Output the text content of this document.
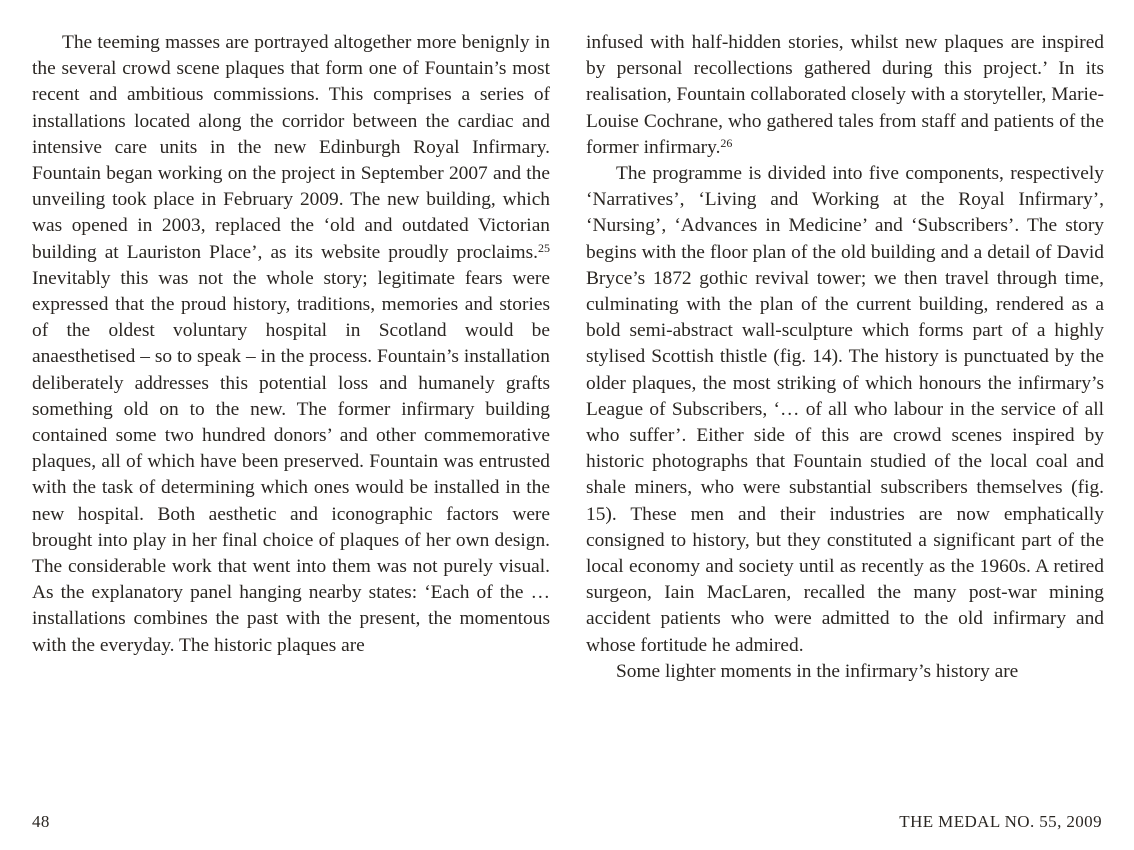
The teeming masses are portrayed altogether more benignly in the several crowd scene plaques that form one of Fountain’s most recent and ambitious commissions. This comprises a series of installations located along the corridor between the cardiac and intensive care units in the new Edinburgh Royal Infirmary. Fountain began working on the project in September 2007 and the unveiling took place in February 2009. The new building, which was opened in 2003, replaced the ‘old and outdated Victorian building at Lauriston Place’, as its website proudly proclaims.$^{25}$ Inevitably this was not the whole story; legitimate fears were expressed that the proud history, traditions, memories and stories of the oldest voluntary hospital in Scotland would be anaesthetised – so to speak – in the process. Fountain’s installation deliberately addresses this potential loss and humanely grafts something old on to the new. The former infirmary building contained some two hundred donors’ and other commemorative plaques, all of which have been preserved. Fountain was entrusted with the task of determining which ones would be installed in the new hospital. Both aesthetic and iconographic factors were brought into play in her final choice of plaques of her own design. The considerable work that went into them was not purely visual. As the explanatory panel hanging nearby states: ‘Each of the … installations combines the past with the present, the momentous with the everyday. The historic plaques are

infused with half-hidden stories, whilst new plaques are inspired by personal recollections gathered during this project.’ In its realisation, Fountain collaborated closely with a storyteller, Marie-Louise Cochrane, who gathered tales from staff and patients of the former infirmary.$^{26}$

The programme is divided into five components, respectively ‘Narratives’, ‘Living and Working at the Royal Infirmary’, ‘Nursing’, ‘Advances in Medicine’ and ‘Subscribers’. The story begins with the floor plan of the old building and a detail of David Bryce’s 1872 gothic revival tower; we then travel through time, culminating with the plan of the current building, rendered as a bold semi-abstract wall-sculpture which forms part of a highly stylised Scottish thistle (fig. 14). The history is punctuated by the older plaques, the most striking of which honours the infirmary’s League of Subscribers, ‘… of all who labour in the service of all who suffer’. Either side of this are crowd scenes inspired by historic photographs that Fountain studied of the local coal and shale miners, who were substantial subscribers themselves (fig. 15). These men and their industries are now emphatically consigned to history, but they constituted a significant part of the local economy and society until as recently as the 1960s. A retired surgeon, Iain MacLaren, recalled the many post-war mining accident patients who were admitted to the old infirmary and whose fortitude he admired.

Some lighter moments in the infirmary’s history are

48	THE MEDAL NO. 55, 2009
